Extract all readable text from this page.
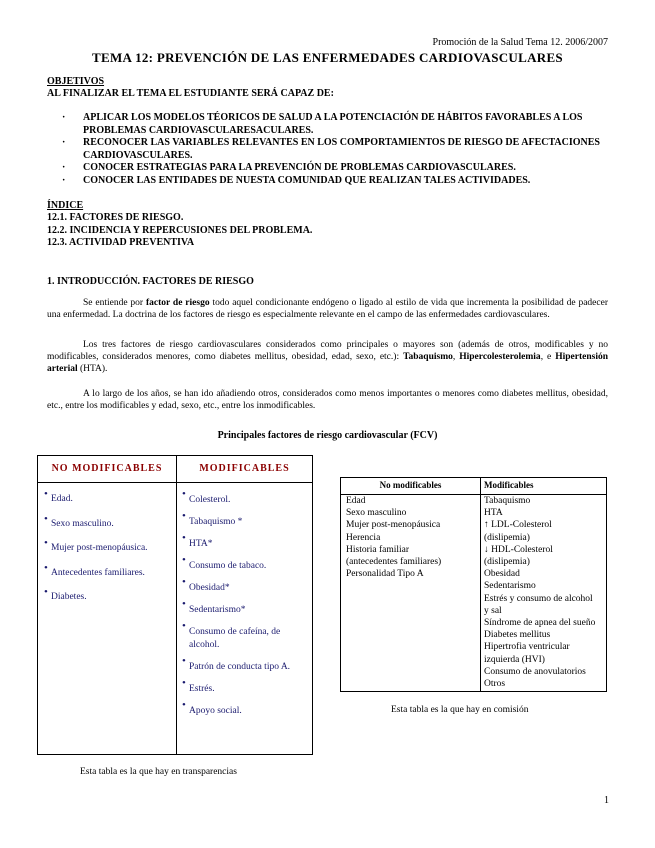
Promoción de la Salud Tema 12. 2006/2007
TEMA 12: PREVENCIÓN DE LAS ENFERMEDADES CARDIOVASCULARES
OBJETIVOS
AL FINALIZAR EL TEMA EL ESTUDIANTE SERÁ CAPAZ DE:
· APLICAR LOS MODELOS TÉORICOS DE SALUD A LA POTENCIACIÓN DE HÁBITOS FAVORABLES A LOS PROBLEMAS CARDIOVASCULARESACULARES.
· RECONOCER LAS VARIABLES RELEVANTES EN LOS COMPORTAMIENTOS DE RIESGO DE AFECTACIONES CARDIOVASCULARES.
· CONOCER ESTRATEGIAS PARA LA PREVENCIÓN DE PROBLEMAS CARDIOVASCULARES.
· CONOCER LAS ENTIDADES DE NUESTA COMUNIDAD QUE REALIZAN TALES ACTIVIDADES.
ÍNDICE
12.1. FACTORES DE RIESGO.
12.2. INCIDENCIA Y REPERCUSIONES DEL PROBLEMA.
12.3. ACTIVIDAD PREVENTIVA
1. INTRODUCCIÓN. FACTORES DE RIESGO

Se entiende por factor de riesgo todo aquel condicionante endógeno o ligado al estilo de vida que incrementa la posibilidad de padecer una enfermedad. La doctrina de los factores de riesgo es especialmente relevante en el campo de las enfermedades cardiovasculares.

Los tres factores de riesgo cardiovasculares considerados como principales o mayores son (además de otros, modificables y no modificables, considerados menores, como diabetes mellitus, obesidad, edad, sexo, etc.): Tabaquismo, Hipercolesterolemia, e Hipertensión arterial (HTA).

A lo largo de los años, se han ido añadiendo otros, considerados como menos importantes o menores como diabetes mellitus, obesidad, etc., entre los modificables y edad, sexo, etc., entre los inmodificables.

Principales factores de riesgo cardiovascular (FCV)
NO MODIFICABLES	MODIFICABLES
• Edad.
• Sexo masculino.
• Mujer post-menopáusica.
• Antecedentes familiares.
• Diabetes.
• Colesterol.
• Tabaquismo *
• HTA*
• Consumo de tabaco.
• Obesidad*
• Sedentarismo*
• Consumo de cafeína, de alcohol.
• Patrón de conducta tipo A.
• Estrés.
• Apoyo social.
Esta tabla es la que hay en transparencias
No modificables	Modificables
Edad
Sexo masculino
Mujer post-menopáusica
Herencia
Historia familiar
(antecedentes familiares)
Personalidad Tipo A
Tabaquismo
HTA
↑ LDL-Colesterol
(dislipemia)
↓ HDL-Colesterol
(dislipemia)
Obesidad
Sedentarismo
Estrés y consumo de alcohol
y sal
Síndrome de apnea del sueño
Diabetes mellitus
Hipertrofia ventricular
izquierda (HVI)
Consumo de anovulatorios
Otros
Esta tabla es la que hay en comisión
1
